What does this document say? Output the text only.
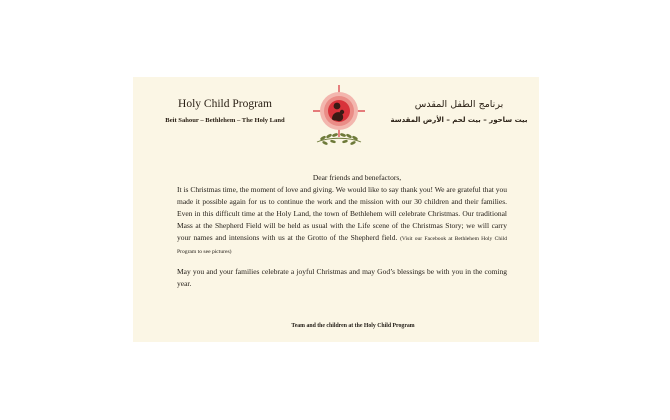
Holy Child Program
Beit Sahour – Bethlehem – The Holy Land
برنامج الطفل المقدس
بيت ساحور – بيت لحم – الأرض المقدسة
Dear friends and benefactors,
It is Christmas time, the moment of love and giving. We would like to say thank you! We are grateful that you made it possible again for us to continue the work and the mission with our 30 children and their families. Even in this difficult time at the Holy Land, the town of Bethlehem will celebrate Christmas. Our traditional Mass at the Shepherd Field will be held as usual with the Life scene of the Christmas Story; we will carry your names and intensions with us at the Grotto of the Shepherd field. (Visit our Facebook at Bethlehem Holy Child Program to see pictures)
May you and your families celebrate a joyful Christmas and may God’s blessings be with you in the coming year.
Team and the children at the Holy Child Program
